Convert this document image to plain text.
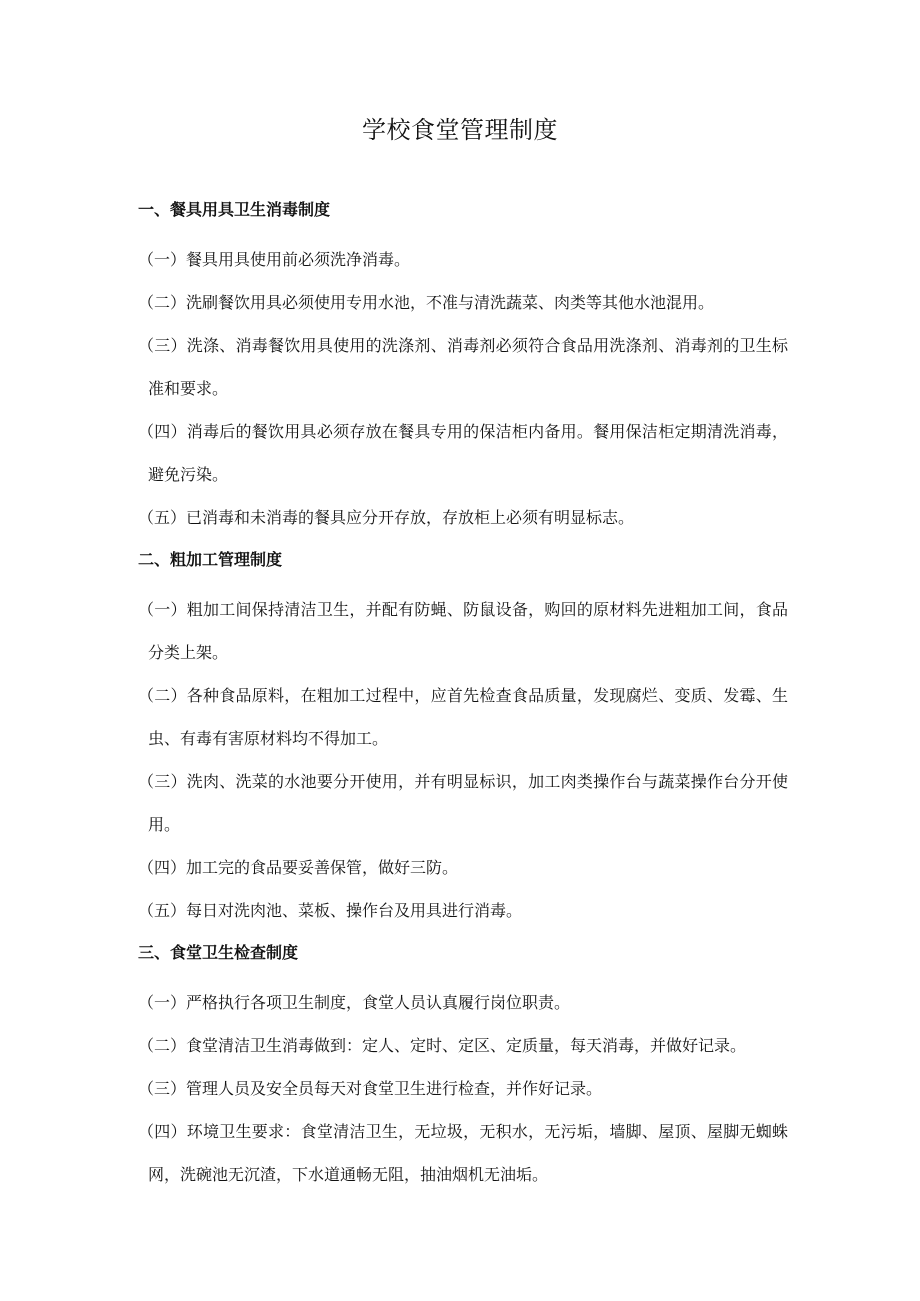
学校食堂管理制度
一、餐具用具卫生消毒制度

（一）餐具用具使用前必须洗净消毒。

（二）洗刷餐饮用具必须使用专用水池，不准与清洗蔬菜、肉类等其他水池混用。

（三）洗涤、消毒餐饮用具使用的洗涤剂、消毒剂必须符合食品用洗涤剂、消毒剂的卫生标准和要求。

（四）消毒后的餐饮用具必须存放在餐具专用的保洁柜内备用。餐用保洁柜定期清洗消毒，避免污染。

（五）已消毒和未消毒的餐具应分开存放，存放柜上必须有明显标志。

二、粗加工管理制度

（一）粗加工间保持清洁卫生，并配有防蝇、防鼠设备，购回的原材料先进粗加工间，食品分类上架。

（二）各种食品原料，在粗加工过程中，应首先检查食品质量，发现腐烂、变质、发霉、生虫、有毒有害原材料均不得加工。

（三）洗肉、洗菜的水池要分开使用，并有明显标识，加工肉类操作台与蔬菜操作台分开使用。

（四）加工完的食品要妥善保管，做好三防。

（五）每日对洗肉池、菜板、操作台及用具进行消毒。

三、食堂卫生检查制度

（一）严格执行各项卫生制度，食堂人员认真履行岗位职责。

（二）食堂清洁卫生消毒做到：定人、定时、定区、定质量，每天消毒，并做好记录。

（三）管理人员及安全员每天对食堂卫生进行检查，并作好记录。

（四）环境卫生要求：食堂清洁卫生，无垃圾，无积水，无污垢，墙脚、屋顶、屋脚无蜘蛛网，洗碗池无沉渣，下水道通畅无阻，抽油烟机无油垢。
